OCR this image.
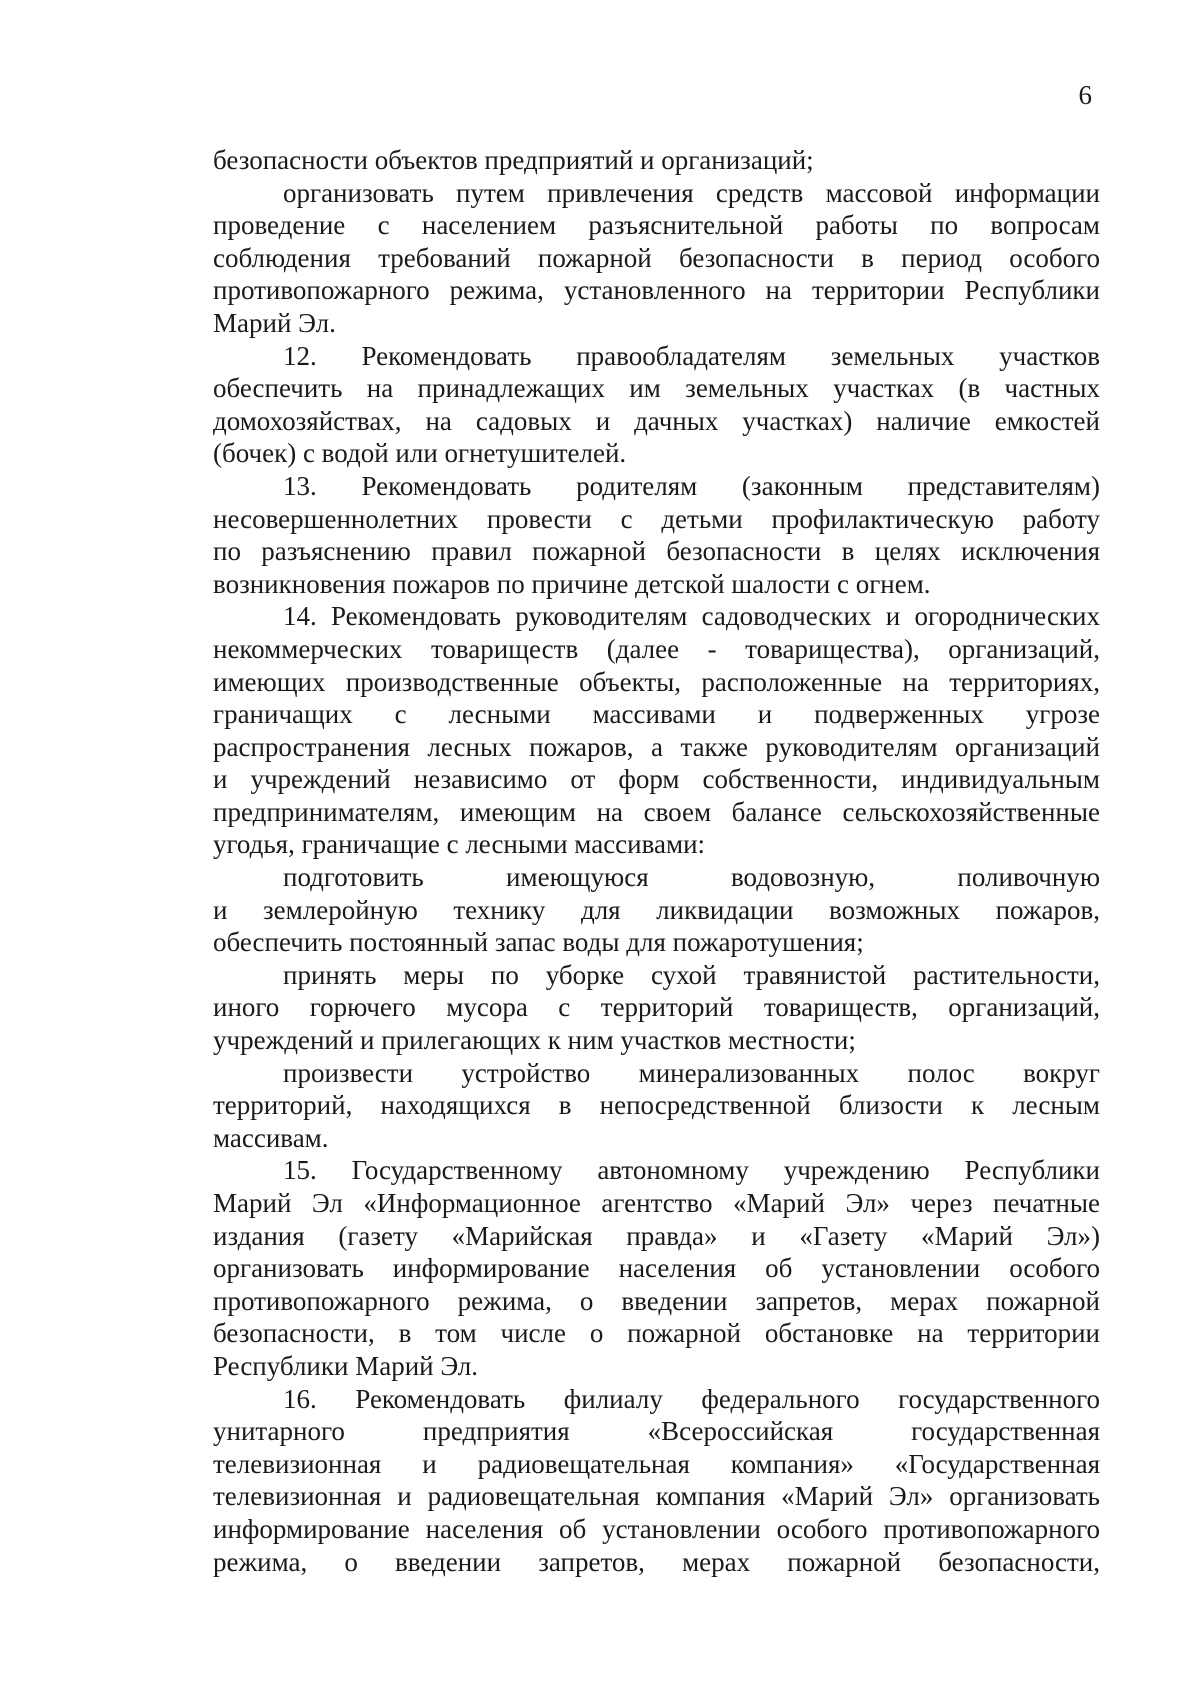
6
безопасности объектов предприятий и организаций;
организовать путем привлечения средств массовой информации
проведение с населением разъяснительной работы по вопросам
соблюдения требований пожарной безопасности в период особого
противопожарного режима, установленного на территории Республики
Марий Эл.
12. Рекомендовать правообладателям земельных участков
обеспечить на принадлежащих им земельных участках (в частных
домохозяйствах, на садовых и дачных участках) наличие емкостей
(бочек) с водой или огнетушителей.
13. Рекомендовать родителям (законным представителям)
несовершеннолетних провести с детьми профилактическую работу
по разъяснению правил пожарной безопасности в целях исключения
возникновения пожаров по причине детской шалости с огнем.
14. Рекомендовать руководителям садоводческих и огороднических
некоммерческих товариществ (далее - товарищества), организаций,
имеющих производственные объекты, расположенные на территориях,
граничащих с лесными массивами и подверженных угрозе
распространения лесных пожаров, а также руководителям организаций
и учреждений независимо от форм собственности, индивидуальным
предпринимателям, имеющим на своем балансе сельскохозяйственные
угодья, граничащие с лесными массивами:
подготовить имеющуюся водовозную, поливочную
и землеройную технику для ликвидации возможных пожаров,
обеспечить постоянный запас воды для пожаротушения;
принять меры по уборке сухой травянистой растительности,
иного горючего мусора с территорий товариществ, организаций,
учреждений и прилегающих к ним участков местности;
произвести устройство минерализованных полос вокруг
территорий, находящихся в непосредственной близости к лесным
массивам.
15. Государственному автономному учреждению Республики
Марий Эл «Информационное агентство «Марий Эл» через печатные
издания (газету «Марийская правда» и «Газету «Марий Эл»)
организовать информирование населения об установлении особого
противопожарного режима, о введении запретов, мерах пожарной
безопасности, в том числе о пожарной обстановке на территории
Республики Марий Эл.
16. Рекомендовать филиалу федерального государственного
унитарного предприятия «Всероссийская государственная
телевизионная и радиовещательная компания» «Государственная
телевизионная и радиовещательная компания «Марий Эл» организовать
информирование населения об установлении особого противопожарного
режима, о введении запретов, мерах пожарной безопасности,
